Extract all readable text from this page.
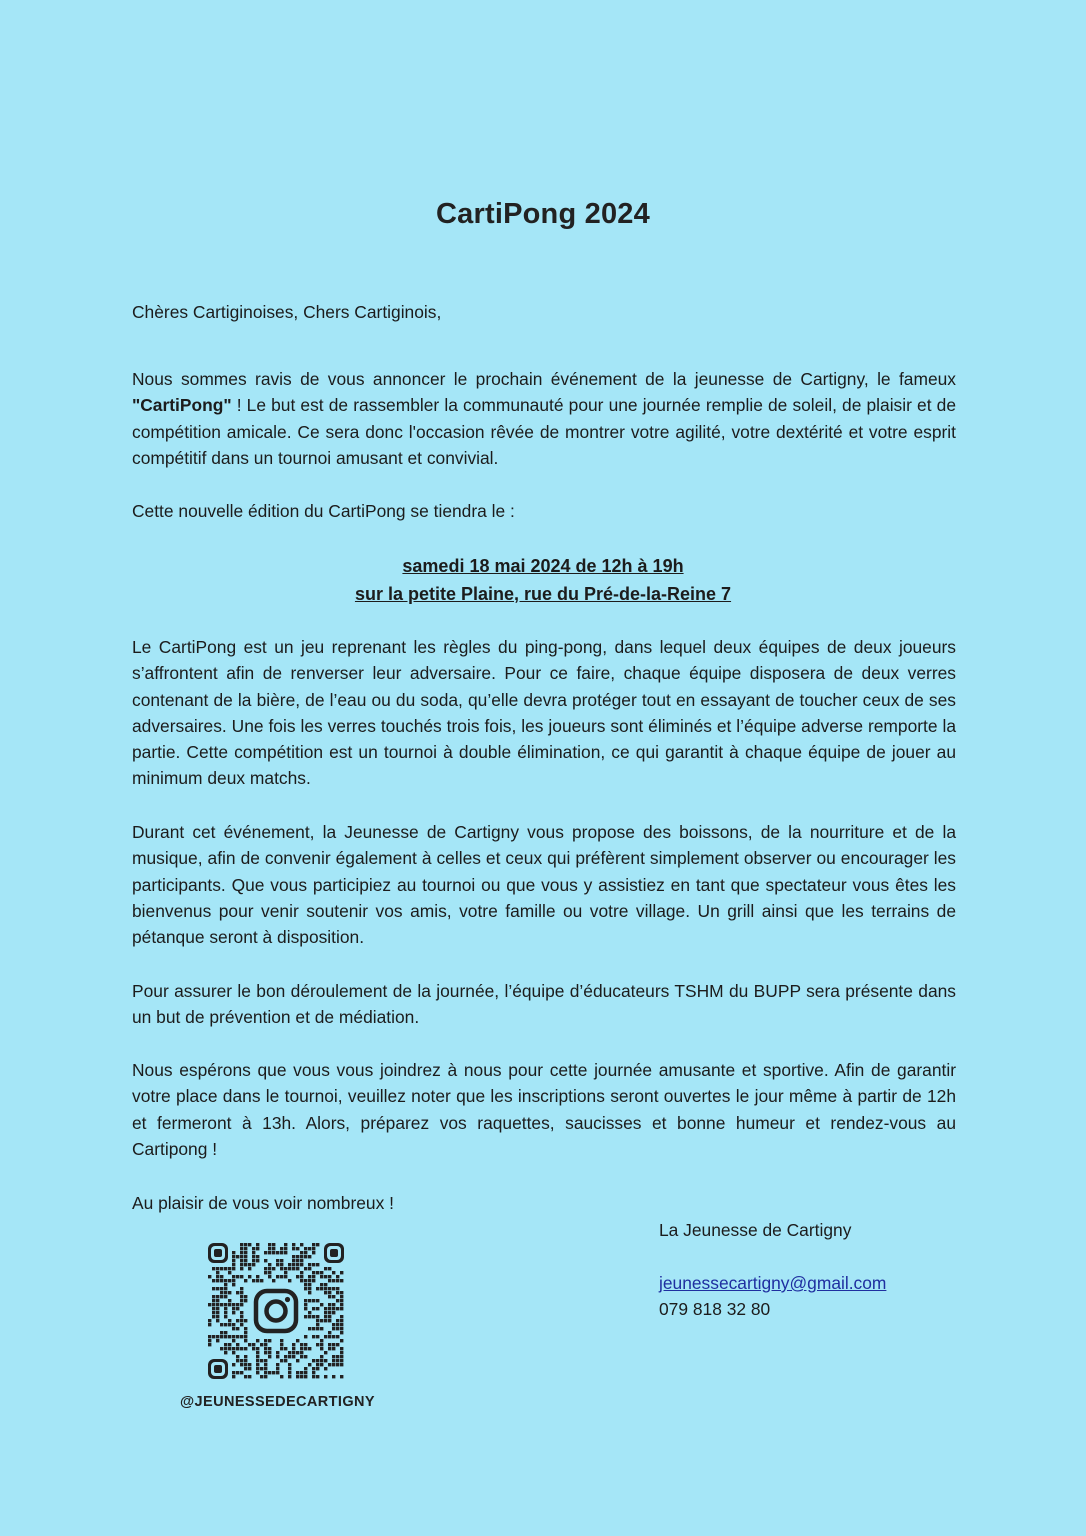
CartiPong 2024
Chères Cartiginoises, Chers Cartiginois,
Nous sommes ravis de vous annoncer le prochain événement de la jeunesse de Cartigny, le fameux "CartiPong" ! Le but est de rassembler la communauté pour une journée remplie de soleil, de plaisir et de compétition amicale. Ce sera donc l'occasion rêvée de montrer votre agilité, votre dextérité et votre esprit compétitif dans un tournoi amusant et convivial.
Cette nouvelle édition du CartiPong se tiendra le :
samedi 18 mai 2024 de 12h à 19h
sur la petite Plaine, rue du Pré-de-la-Reine 7
Le CartiPong est un jeu reprenant les règles du ping-pong, dans lequel deux équipes de deux joueurs s’affrontent afin de renverser leur adversaire. Pour ce faire, chaque équipe disposera de deux verres contenant de la bière, de l’eau ou du soda, qu’elle devra protéger tout en essayant de toucher ceux de ses adversaires. Une fois les verres touchés trois fois, les joueurs sont éliminés et l’équipe adverse remporte la partie. Cette compétition est un tournoi à double élimination, ce qui garantit à chaque équipe de jouer au minimum deux matchs.
Durant cet événement, la Jeunesse de Cartigny vous propose des boissons, de la nourriture et de la musique, afin de convenir également à celles et ceux qui préfèrent simplement observer ou encourager les participants. Que vous participiez au tournoi ou que vous y assistiez en tant que spectateur vous êtes les bienvenus pour venir soutenir vos amis, votre famille ou votre village. Un grill ainsi que les terrains de pétanque seront à disposition.
Pour assurer le bon déroulement de la journée, l’équipe d’éducateurs TSHM du BUPP sera présente dans un but de prévention et de médiation.
Nous espérons que vous vous joindrez à nous pour cette journée amusante et sportive. Afin de garantir votre place dans le tournoi, veuillez noter que les inscriptions seront ouvertes le jour même à partir de 12h et fermeront à 13h. Alors, préparez vos raquettes, saucisses et bonne humeur et rendez-vous au Cartipong !
Au plaisir de vous voir nombreux !
La Jeunesse de Cartigny
jeunessecartigny@gmail.com
079 818 32 80
@JEUNESSEDECARTIGNY
